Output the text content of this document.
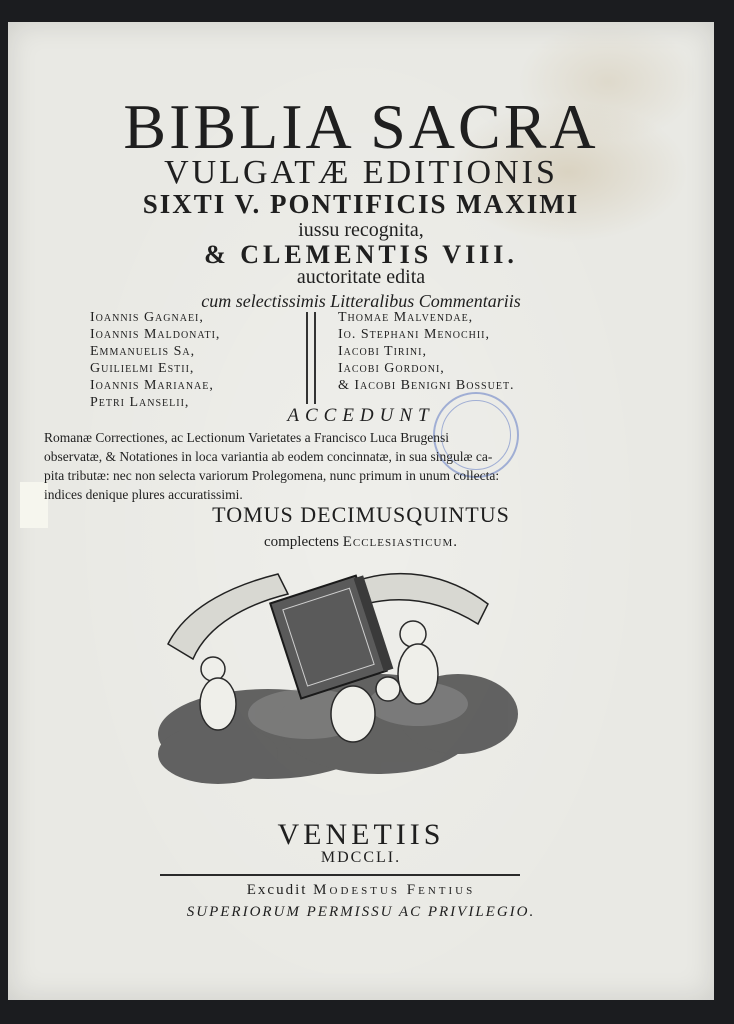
BIBLIA SACRA
VULGATÆ EDITIONIS
SIXTI V. PONTIFICIS MAXIMI
iussu recognita,
& CLEMENTIS VIII.
auctoritate edita
cum selectissimis Litteralibus Commentariis
Ioannis Gagnaei,
Ioannis Maldonati,
Emmanuelis Sa,
Guilielmi Estii,
Ioannis Marianae,
Petri Lanselii,
Thomae Malvendae,
Io. Stephani Menochii,
Iacobi Tirini,
Iacobi Gordoni,
& Iacobi Benigni Bossuet.
ACCEDUNT
Romanæ Correctiones, ac Lectionum Varietates a Francisco Luca Brugensi
observatæ, & Notationes in loca variantia ab eodem concinnatæ, in sua singulæ ca-
pita tributæ: nec non selecta variorum Prolegomena, nunc primum in unum collecta:
indices denique plures accuratissimi.
TOMUS DECIMUSQUINTUS
complectens Ecclesiasticum.
VENETIIS
MDCCLI.
Excudit Modestus Fentius
SUPERIORUM PERMISSU AC PRIVILEGIO.
